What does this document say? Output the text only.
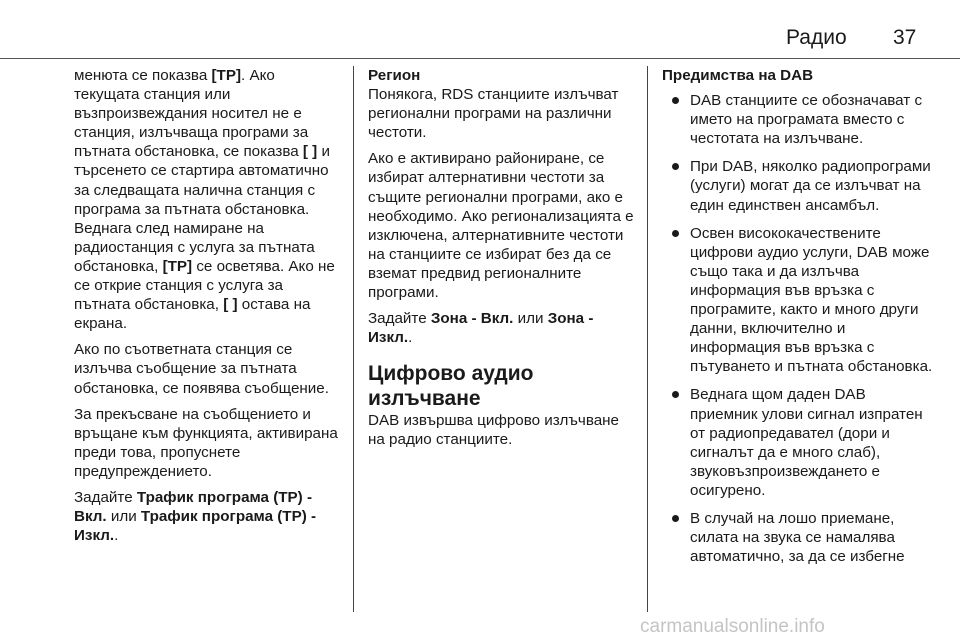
Радио 37

менюта се показва [TP]. Ако текущата станция или възпроизвеждания носител не е станция, излъчваща програми за пътната обстановка, се показва [ ] и търсенето се стартира автоматично за следващата налична станция с програма за пътната обстановка. Веднага след намиране на радиостанция с услуга за пътната обстановка, [TP] се осветява. Ако не се открие станция с услуга за пътната обстановка, [ ] остава на екрана.

Ако по съответната станция се излъчва съобщение за пътната обстановка, се появява съобщение.

За прекъсване на съобщението и връщане към функцията, активирана преди това, пропуснете предупреждението.

Задайте Трафик програма (TP) - Вкл. или Трафик програма (TP) - Изкл..

Регион

Понякога, RDS станциите излъчват регионални програми на различни честоти.

Ако е активирано райониране, се избират алтернативни честоти за същите регионални програми, ако е необходимо. Ако регионализацията е изключена, алтернативните честоти на станциите се избират без да се вземат предвид регионалните програми.

Задайте Зона - Вкл. или Зона - Изкл..

Цифрово аудио излъчване

DAB извършва цифрово излъчване на радио станциите.

Предимства на DAB
DAB станциите се обозначават с името на програмата вместо с честотата на излъчване.
При DAB, няколко радиопрограми (услуги) могат да се излъчват на един единствен ансамбъл.
Освен висококачествените цифрови аудио услуги, DAB може също така и да излъчва информация във връзка с програмите, както и много други данни, включително и информация във връзка с пътуването и пътната обстановка.
Веднага щом даден DAB приемник улови сигнал изпратен от радиопредавател (дори и сигналът да е много слаб), звуковъзпроизвеждането е осигурено.
В случай на лошо приемане, силата на звука се намалява автоматично, за да се избегне
carmanualsonline.info
